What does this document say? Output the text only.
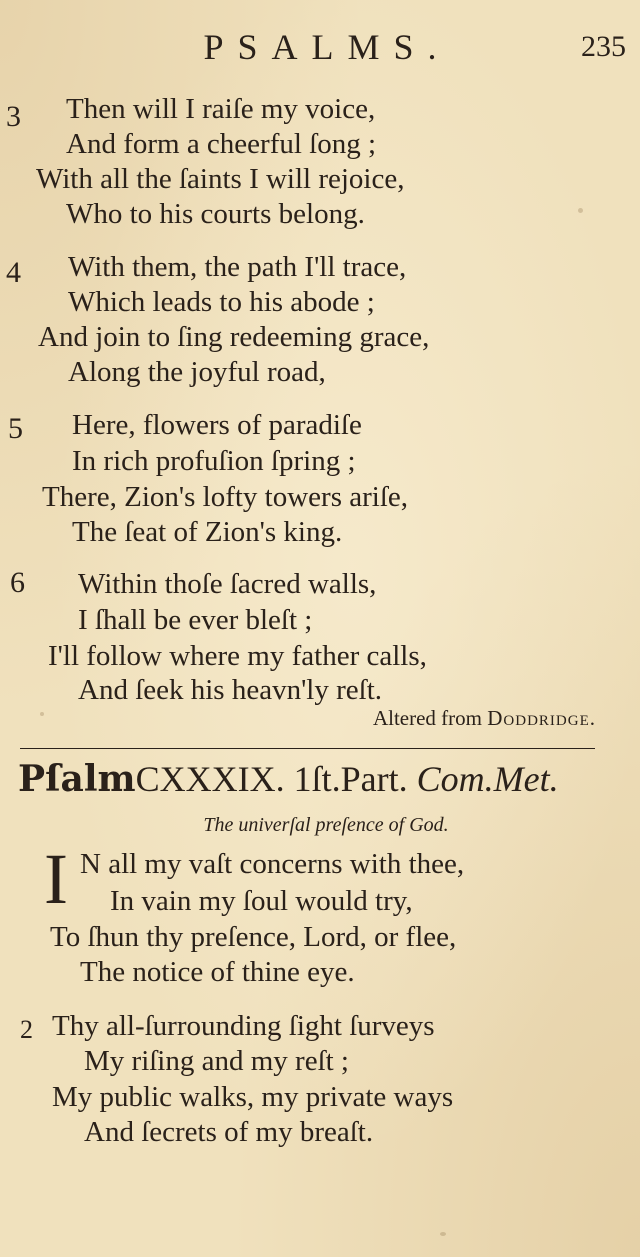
PSALMS.	235
3 Then will I raiſe my voice,
And form a cheerful ſong ;
With all the ſaints I will rejoice,
Who to his courts belong.
4 With them, the path I'll trace,
Which leads to his abode ;
And join to ſing redeeming grace,
Along the joyful road,
5 Here, flowers of paradiſe
In rich profuſion ſpring ;
There, Zion's lofty towers ariſe,
The ſeat of Zion's king.
6 Within thoſe ſacred walls,
I ſhall be ever bleſt ;
I'll follow where my father calls,
And ſeek his heavn'ly reſt.
Altered from Doddridge.
PſalmCXXXIX. 1ſt.Part. Com.Met.
The univerſal preſence of God.
I N all my vaſt concerns with thee,
In vain my ſoul would try,
To ſhun thy preſence, Lord, or flee,
The notice of thine eye.
2 Thy all-ſurrounding ſight ſurveys
My riſing and my reſt ;
My public walks, my private ways
And ſecrets of my breaſt.
